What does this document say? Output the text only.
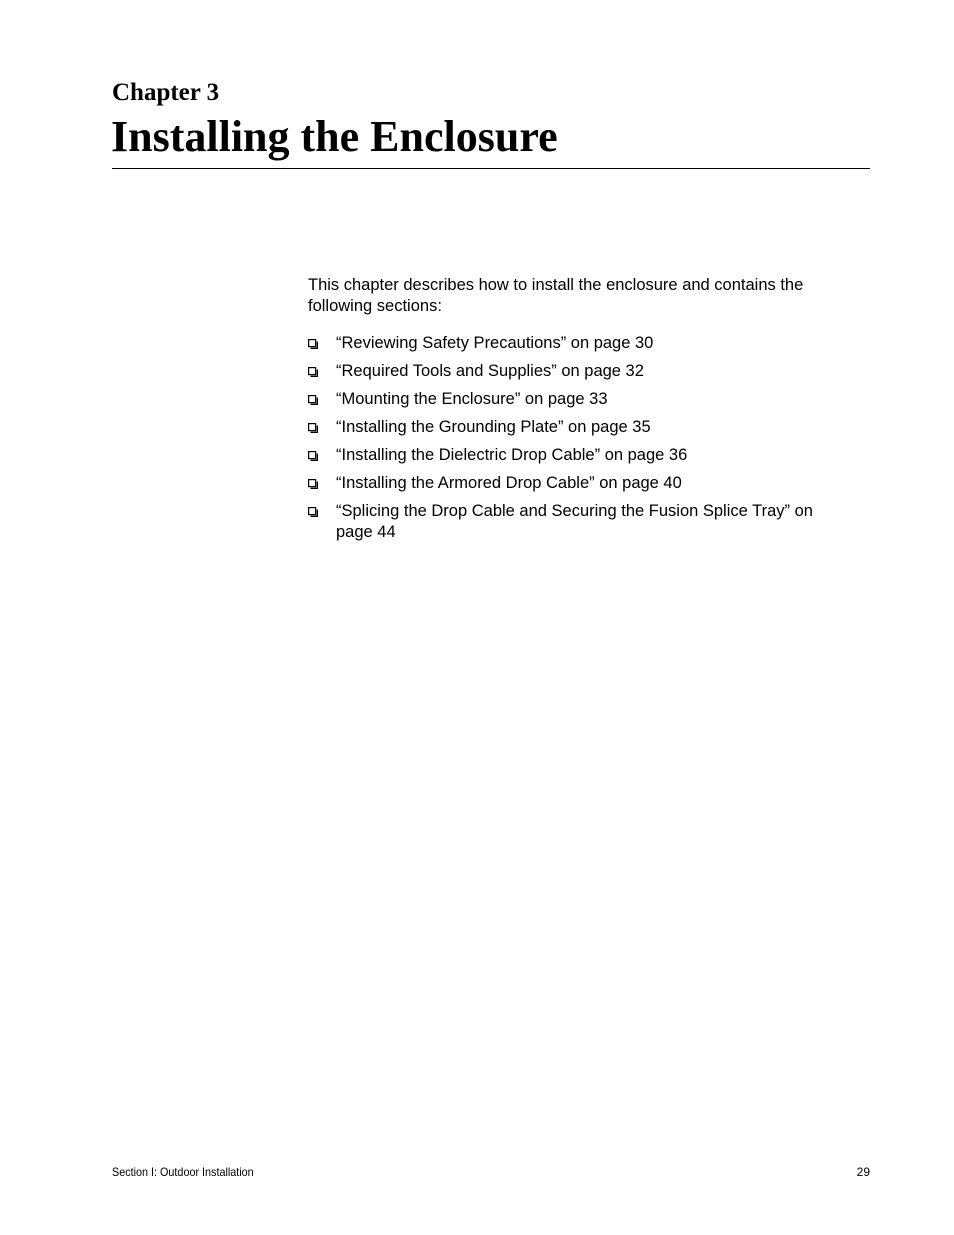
Chapter 3
Installing the Enclosure

This chapter describes how to install the enclosure and contains the following sections:

“Reviewing Safety Precautions” on page 30
“Required Tools and Supplies” on page 32
“Mounting the Enclosure” on page 33
“Installing the Grounding Plate” on page 35
“Installing the Dielectric Drop Cable” on page 36
“Installing the Armored Drop Cable” on page 40
“Splicing the Drop Cable and Securing the Fusion Splice Tray” on page 44
Section I: Outdoor Installation	29
